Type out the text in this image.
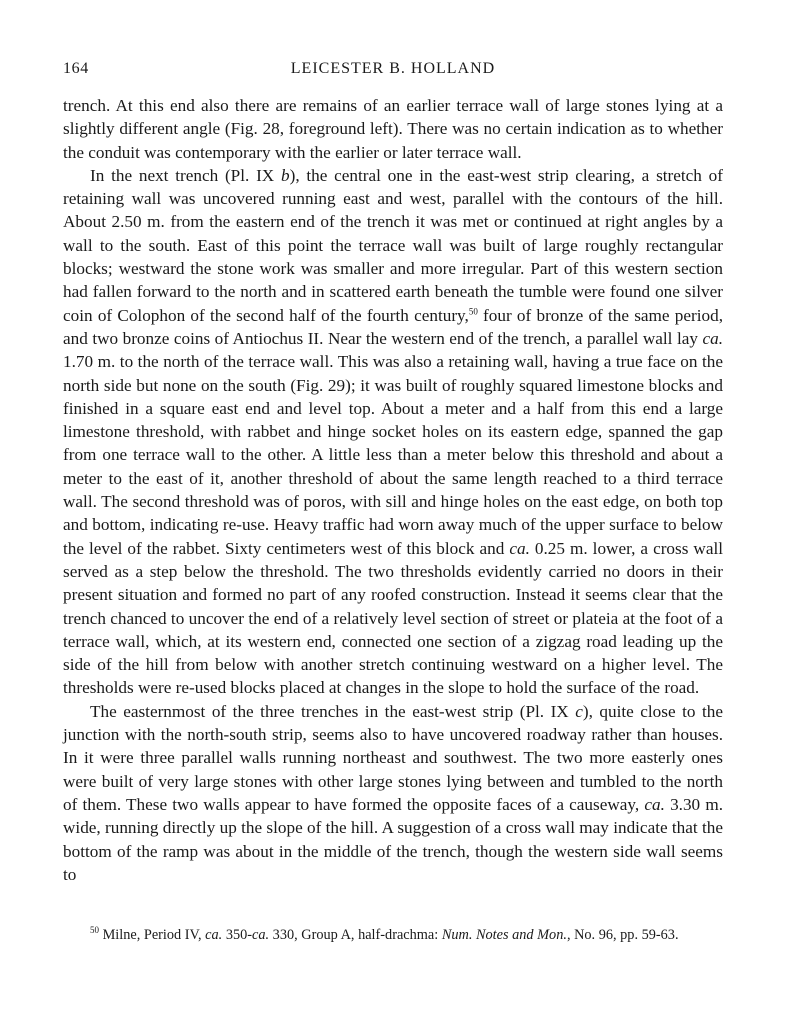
164	LEICESTER B. HOLLAND

trench. At this end also there are remains of an earlier terrace wall of large stones lying at a slightly different angle (Fig. 28, foreground left). There was no certain indication as to whether the conduit was contemporary with the earlier or later terrace wall.

In the next trench (Pl. IX b), the central one in the east-west strip clearing, a stretch of retaining wall was uncovered running east and west, parallel with the contours of the hill. About 2.50 m. from the eastern end of the trench it was met or continued at right angles by a wall to the south. East of this point the terrace wall was built of large roughly rectangular blocks; westward the stone work was smaller and more irregular. Part of this western section had fallen forward to the north and in scattered earth beneath the tumble were found one silver coin of Colophon of the second half of the fourth century,$^{50}$ four of bronze of the same period, and two bronze coins of Antiochus II. Near the western end of the trench, a parallel wall lay ca. 1.70 m. to the north of the terrace wall. This was also a retaining wall, having a true face on the north side but none on the south (Fig. 29); it was built of roughly squared limestone blocks and finished in a square east end and level top. About a meter and a half from this end a large limestone threshold, with rabbet and hinge socket holes on its eastern edge, spanned the gap from one terrace wall to the other. A little less than a meter below this threshold and about a meter to the east of it, another threshold of about the same length reached to a third terrace wall. The second threshold was of poros, with sill and hinge holes on the east edge, on both top and bottom, indicating re-use. Heavy traffic had worn away much of the upper surface to below the level of the rabbet. Sixty centimeters west of this block and ca. 0.25 m. lower, a cross wall served as a step below the threshold. The two thresholds evidently carried no doors in their present situation and formed no part of any roofed construction. Instead it seems clear that the trench chanced to uncover the end of a relatively level section of street or plateia at the foot of a terrace wall, which, at its western end, connected one section of a zigzag road leading up the side of the hill from below with another stretch continuing westward on a higher level. The thresholds were re-used blocks placed at changes in the slope to hold the surface of the road.

The easternmost of the three trenches in the east-west strip (Pl. IX c), quite close to the junction with the north-south strip, seems also to have uncovered roadway rather than houses. In it were three parallel walls running northeast and southwest. The two more easterly ones were built of very large stones with other large stones lying between and tumbled to the north of them. These two walls appear to have formed the opposite faces of a causeway, ca. 3.30 m. wide, running directly up the slope of the hill. A suggestion of a cross wall may indicate that the bottom of the ramp was about in the middle of the trench, though the western side wall seems to

$^{50}$ Milne, Period IV, ca. 350-ca. 330, Group A, half-drachma: Num. Notes and Mon., No. 96, pp. 59-63.
